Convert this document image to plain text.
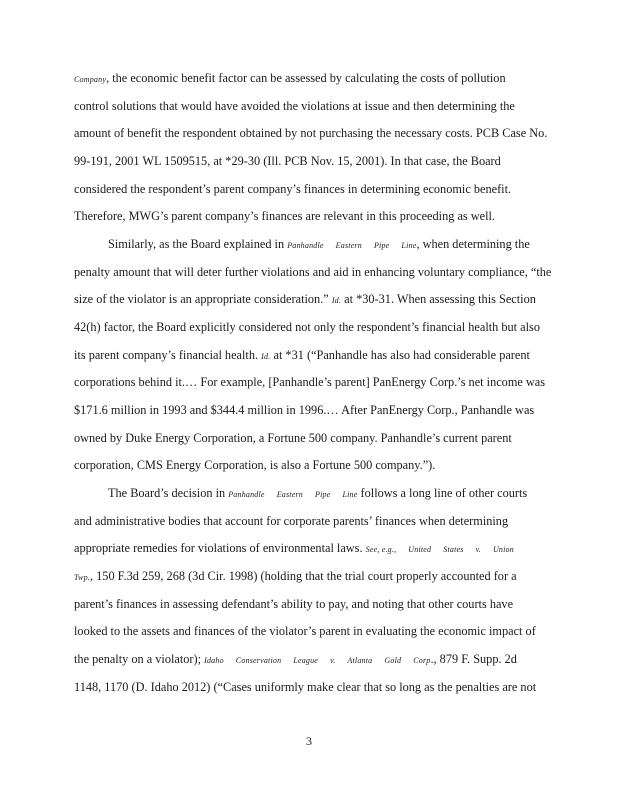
Company, the economic benefit factor can be assessed by calculating the costs of pollution
control solutions that would have avoided the violations at issue and then determining the
amount of benefit the respondent obtained by not purchasing the necessary costs. PCB Case No.
99-191, 2001 WL 1509515, at *29-30 (Ill. PCB Nov. 15, 2001). In that case, the Board
considered the respondent’s parent company’s finances in determining economic benefit.
Therefore, MWG’s parent company’s finances are relevant in this proceeding as well.
Similarly, as the Board explained in Panhandle Eastern Pipe Line, when determining the
penalty amount that will deter further violations and aid in enhancing voluntary compliance, “the
size of the violator is an appropriate consideration.” Id. at *30-31. When assessing this Section
42(h) factor, the Board explicitly considered not only the respondent’s financial health but also
its parent company’s financial health. Id. at *31 (“Panhandle has also had considerable parent
corporations behind it.… For example, [Panhandle’s parent] PanEnergy Corp.’s net income was
$171.6 million in 1993 and $344.4 million in 1996.… After PanEnergy Corp., Panhandle was
owned by Duke Energy Corporation, a Fortune 500 company. Panhandle’s current parent
corporation, CMS Energy Corporation, is also a Fortune 500 company.”).
The Board’s decision in Panhandle Eastern Pipe Line follows a long line of other courts
and administrative bodies that account for corporate parents’ finances when determining
appropriate remedies for violations of environmental laws. See, e.g., United States v. Union
Twp., 150 F.3d 259, 268 (3d Cir. 1998) (holding that the trial court properly accounted for a
parent’s finances in assessing defendant’s ability to pay, and noting that other courts have
looked to the assets and finances of the violator’s parent in evaluating the economic impact of
the penalty on a violator); Idaho Conservation League v. Atlanta Gold Corp., 879 F. Supp. 2d
1148, 1170 (D. Idaho 2012) (“Cases uniformly make clear that so long as the penalties are not
3
